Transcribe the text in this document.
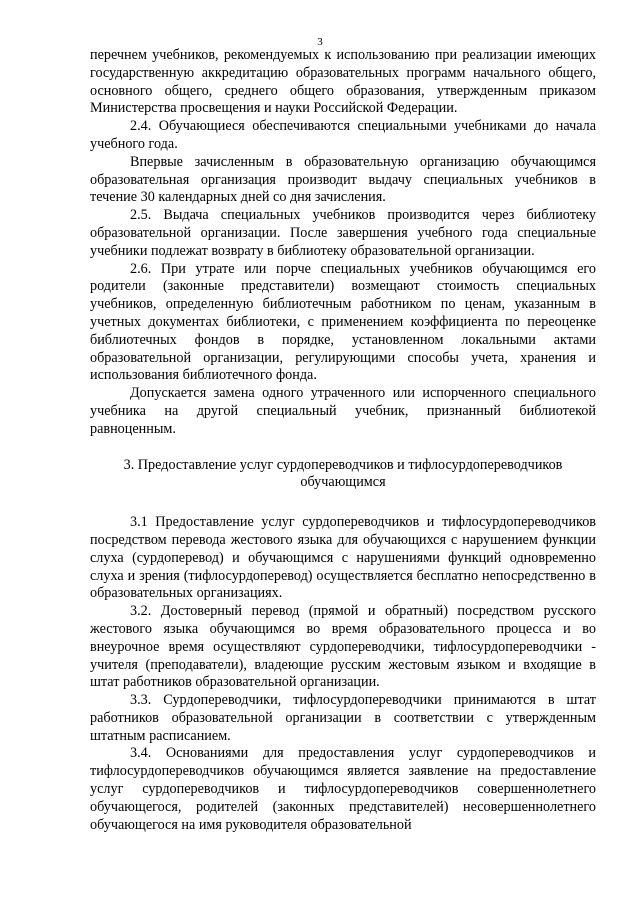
3

перечнем учебников, рекомендуемых к использованию при реализации имеющих государственную аккредитацию образовательных программ начального общего, основного общего, среднего общего образования, утвержденным приказом Министерства просвещения и науки Российской Федерации.

2.4. Обучающиеся обеспечиваются специальными учебниками до начала учебного года.

Впервые зачисленным в образовательную организацию обучающимся образовательная организация производит выдачу специальных учебников в течение 30 календарных дней со дня зачисления.

2.5. Выдача специальных учебников производится через библиотеку образовательной организации. После завершения учебного года специальные учебники подлежат возврату в библиотеку образовательной организации.

2.6. При утрате или порче специальных учебников обучающимся его родители (законные представители) возмещают стоимость специальных учебников, определенную библиотечным работником по ценам, указанным в учетных документах библиотеки, с применением коэффициента по переоценке библиотечных фондов в порядке, установленном локальными актами образовательной организации, регулирующими способы учета, хранения и использования библиотечного фонда.

Допускается замена одного утраченного или испорченного специального учебника на другой специальный учебник, признанный библиотекой равноценным.

3. Предоставление услуг сурдопереводчиков и тифлосурдопереводчиков
обучающимся

3.1 Предоставление услуг сурдопереводчиков и тифлосурдопереводчиков посредством перевода жестового языка для обучающихся с нарушением функции слуха (сурдоперевод) и обучающимся с нарушениями функций одновременно слуха и зрения (тифлосурдоперевод) осуществляется бесплатно непосредственно в образовательных организациях.

3.2. Достоверный перевод (прямой и обратный) посредством русского жестового языка обучающимся во время образовательного процесса и во внеурочное время осуществляют сурдопереводчики, тифлосурдопереводчики - учителя (преподаватели), владеющие русским жестовым языком и входящие в штат работников образовательной организации.

3.3. Сурдопереводчики, тифлосурдопереводчики принимаются в штат работников образовательной организации в соответствии с утвержденным штатным расписанием.

3.4. Основаниями для предоставления услуг сурдопереводчиков и тифлосурдопереводчиков обучающимся является заявление на предоставление услуг сурдопереводчиков и тифлосурдопереводчиков совершеннолетнего обучающегося, родителей (законных представителей) несовершеннолетнего обучающегося на имя руководителя образовательной
